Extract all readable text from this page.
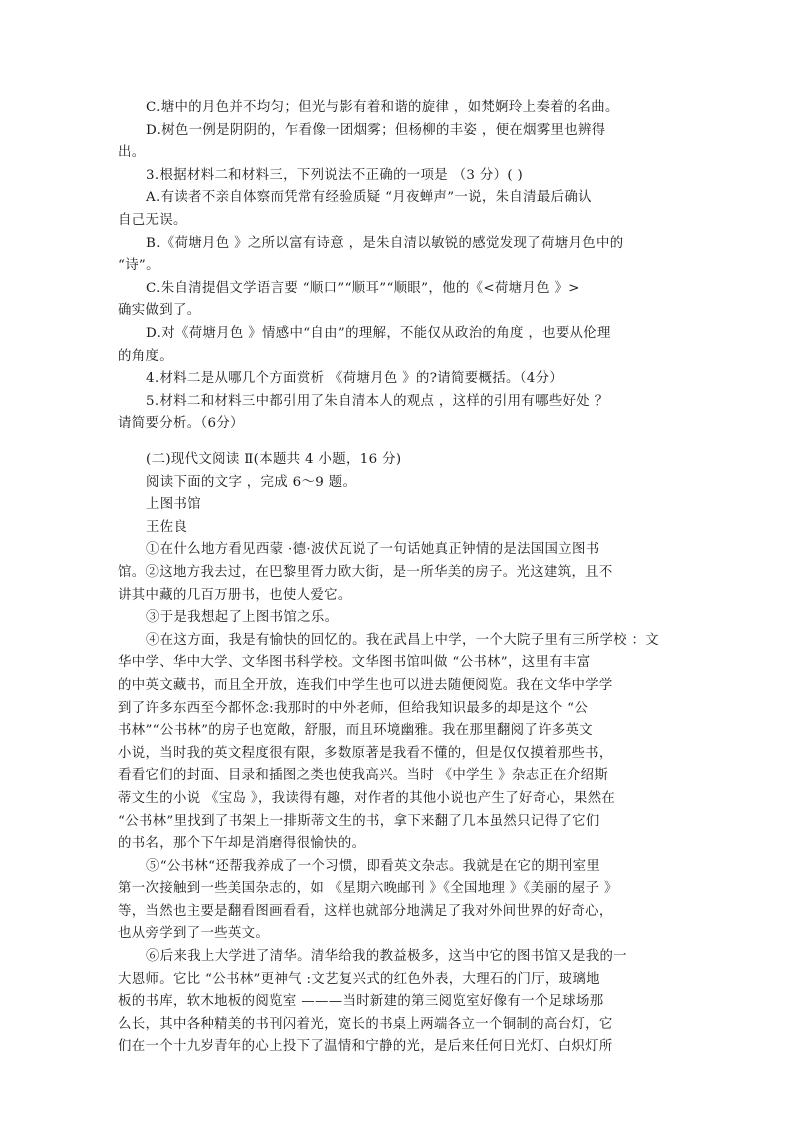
C.塘中的月色并不均匀；但光与影有着和谐的旋律 ，如梵婀玲上奏着的名曲。
D.树色一例是阴阴的，乍看像一团烟雾；但杨柳的丰姿 ，便在烟雾里也辨得
出。
3.根据材料二和材料三，下列说法不正确的一项是 （3 分）( )
A.有读者不亲自体察而凭常有经验质疑 “月夜蝉声”一说，朱自清最后确认
自己无误。
B.《荷塘月色 》之所以富有诗意 ，是朱自清以敏锐的感觉发现了荷塘月色中的
“诗”。
C.朱自清提倡文学语言要 “顺口”“顺耳”“顺眼”，他的《<荷塘月色 》>
确实做到了。
D.对《荷塘月色 》情感中“自由”的理解，不能仅从政治的角度 ，也要从伦理
的角度。
4.材料二是从哪几个方面赏析 《荷塘月色 》的?请简要概括。（4分）
5.材料二和材料三中都引用了朱自清本人的观点 ，这样的引用有哪些好处 ？
请简要分析。（6分）
(二)现代文阅读 Ⅱ(本题共 4 小题，16 分)
阅读下面的文字 ，完成 6～9 题。
上图书馆
王佐良
①在什么地方看见西蒙 ·德·波伏瓦说了一句话她真正钟情的是法国国立图书
馆。②这地方我去过，在巴黎里胥力欧大街，是一所华美的房子。光这建筑，且不
讲其中藏的几百万册书，也使人爱它。
③于是我想起了上图书馆之乐。
④在这方面，我是有愉快的回忆的。我在武昌上中学，一个大院子里有三所学校 ：文
华中学、华中大学、文华图书科学校。文华图书馆叫做 “公书林”，这里有丰富
的中英文藏书，而且全开放，连我们中学生也可以进去随便阅览。我在文华中学学
到了许多东西至今都怀念:我那时的中外老师，但给我知识最多的却是这个 “公
书林”“公书林”的房子也宽敞，舒服，而且环境幽雅。我在那里翻阅了许多英文
小说，当时我的英文程度很有限，多数原著是我看不懂的，但是仅仅摸着那些书，
看看它们的封面、目录和插图之类也使我高兴。当时 《中学生 》杂志正在介绍斯
蒂文生的小说 《宝岛 》，我读得有趣，对作者的其他小说也产生了好奇心，果然在
“公书林”里找到了书架上一排斯蒂文生的书，拿下来翻了几本虽然只记得了它们
的书名，那个下午却是消磨得很愉快的。
⑤“公书林“还帮我养成了一个习惯，即看英文杂志。我就是在它的期刊室里
第一次接触到一些美国杂志的，如 《星期六晚邮刊 》《全国地理 》《美丽的屋子 》
等，当然也主要是翻看图画看看，这样也就部分地满足了我对外间世界的好奇心，
也从旁学到了一些英文。
⑥后来我上大学进了清华。清华给我的教益极多，这当中它的图书馆又是我的一
大恩师。它比 “公书林”更神气 :文艺复兴式的红色外表，大理石的门厅，玻璃地
板的书库，软木地板的阅览室 ———当时新建的第三阅览室好像有一个足球场那
么长，其中各种精美的书刊闪着光，宽长的书桌上两端各立一个铜制的高台灯，它
们在一个十九岁青年的心上投下了温情和宁静的光，是后来任何日光灯、白炽灯所
